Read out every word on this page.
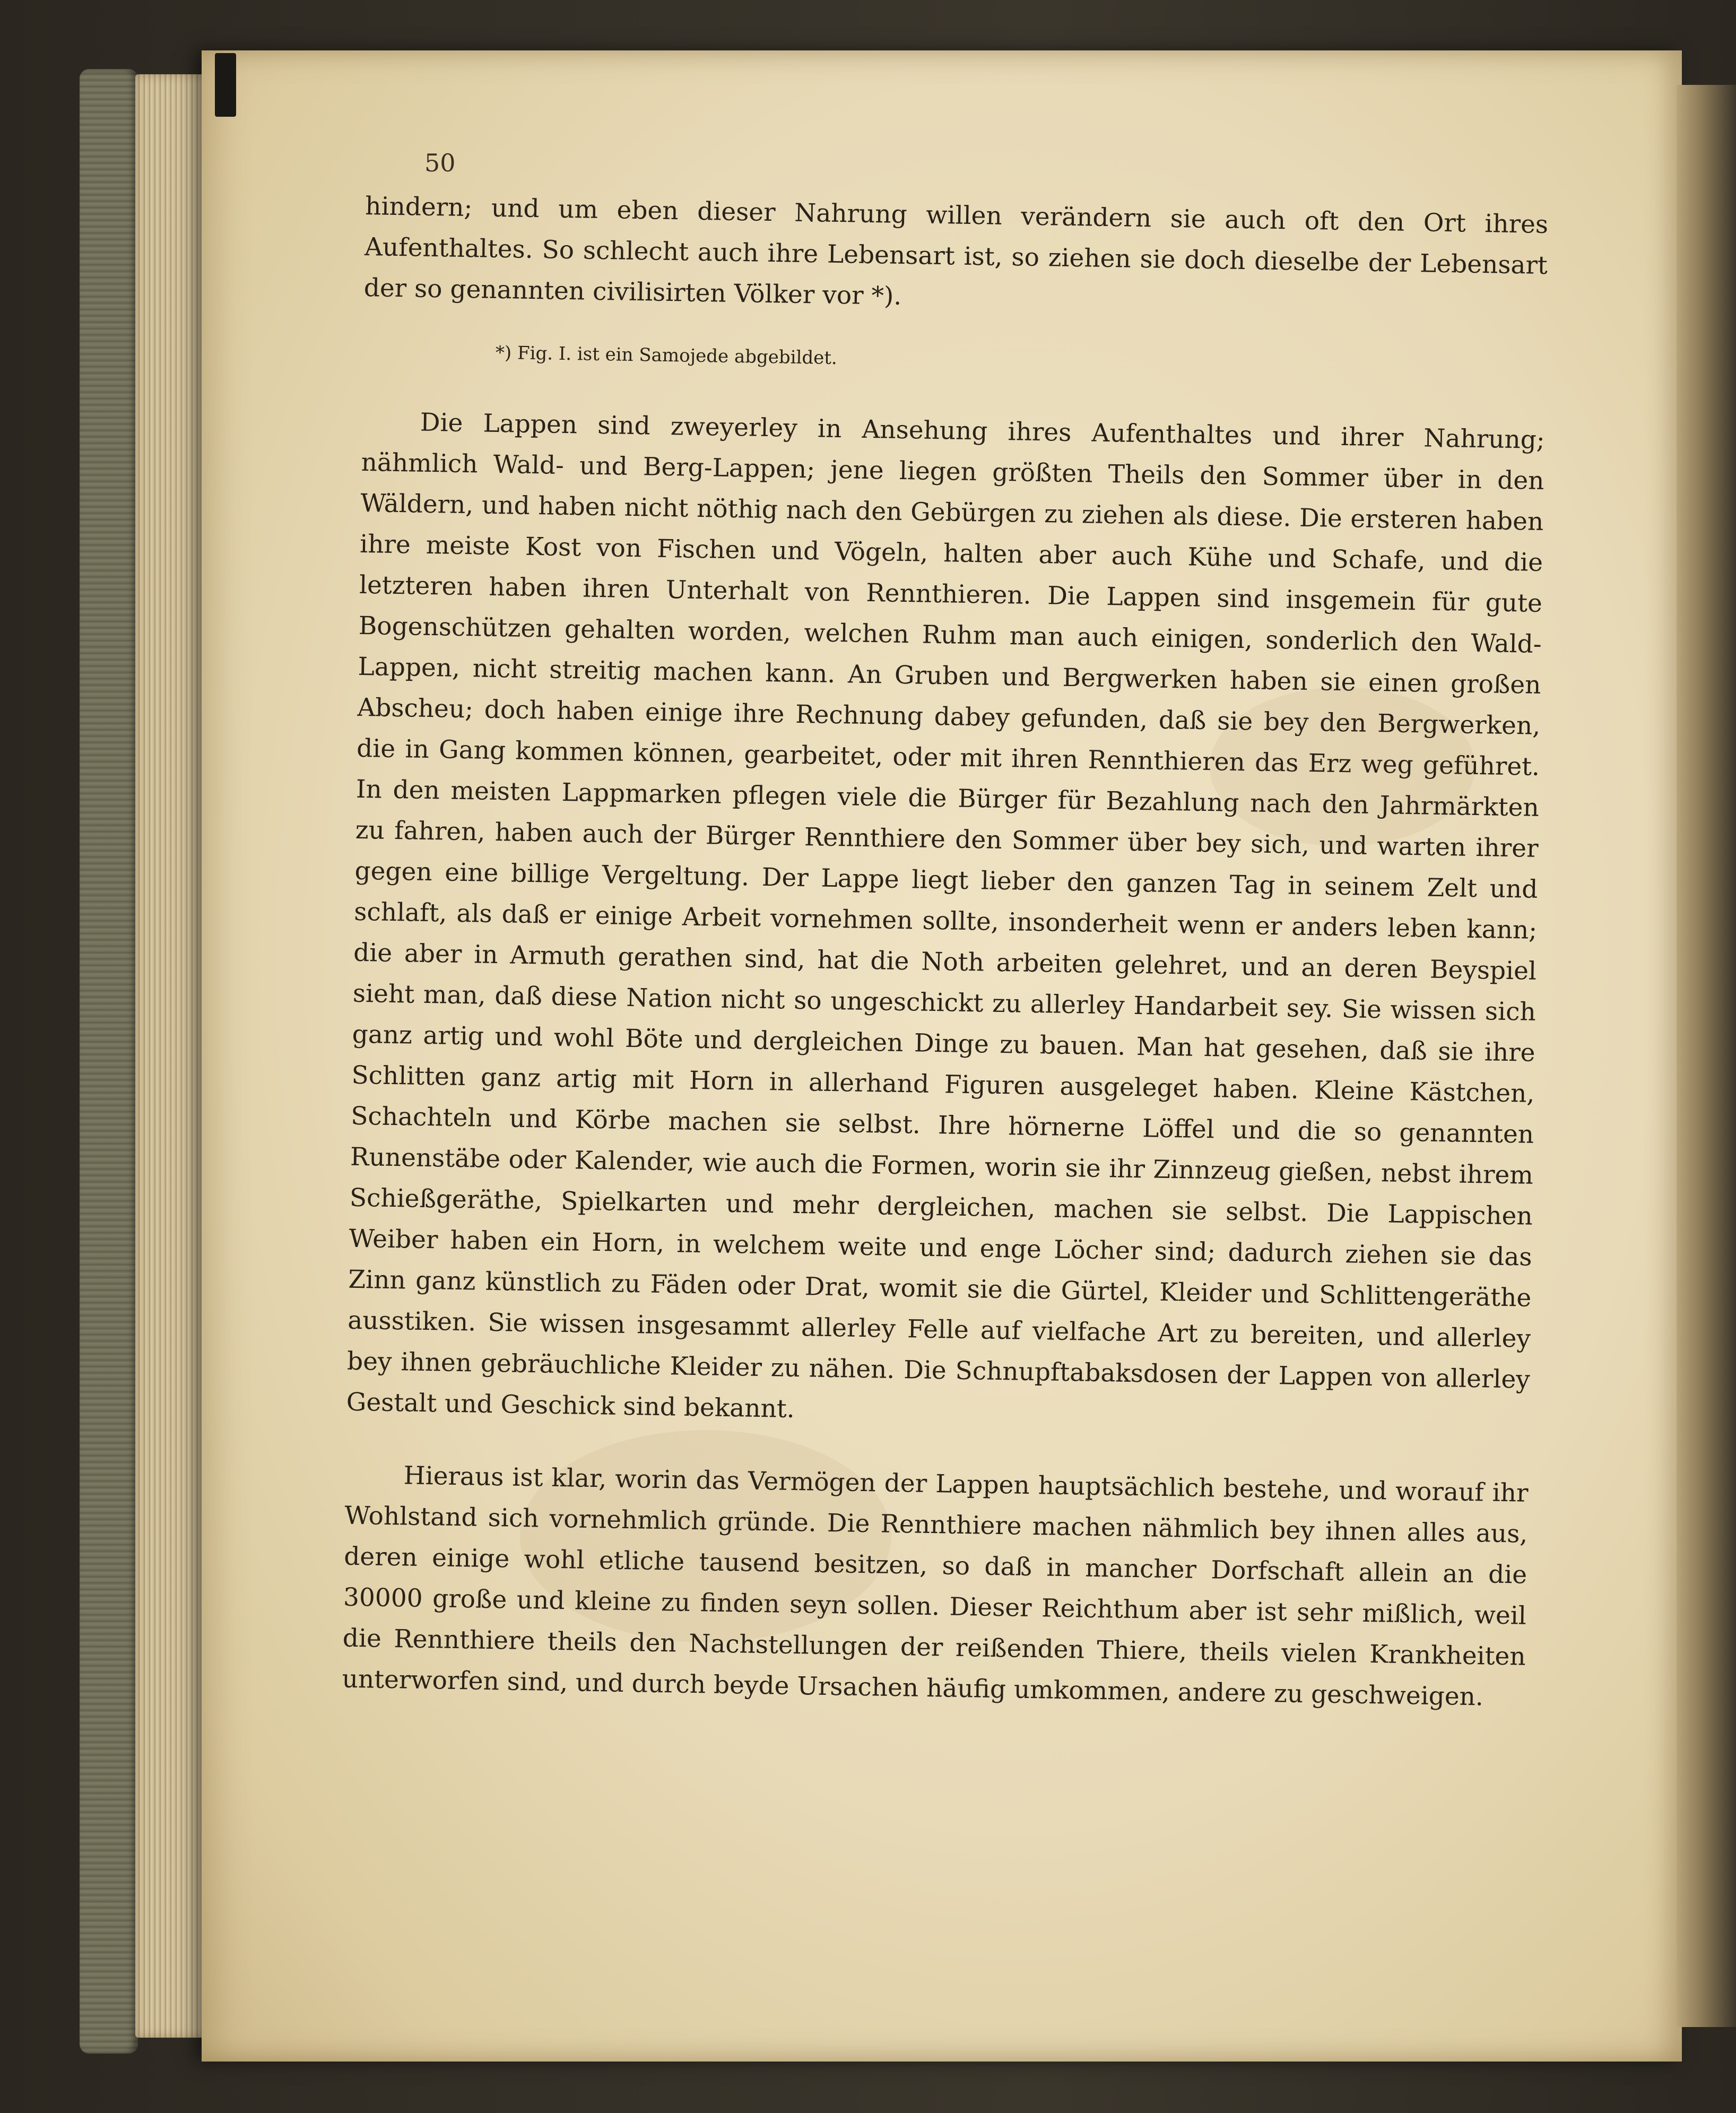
50

hindern; und um eben dieser Nahrung willen verändern sie auch oft den Ort ihres Aufenthaltes. So schlecht auch ihre Lebensart ist, so ziehen sie doch dieselbe der Lebensart der so genannten civilisirten Völker vor *).

*) Fig. I. ist ein Samojede abgebildet.

Die Lappen sind zweyerley in Ansehung ihres Aufenthaltes und ihrer Nahrung; nähmlich Wald- und Berg-Lappen; jene liegen größten Theils den Sommer über in den Wäldern, und haben nicht nöthig nach den Gebürgen zu ziehen als diese. Die ersteren haben ihre meiste Kost von Fischen und Vögeln, halten aber auch Kühe und Schafe, und die letzteren haben ihren Unterhalt von Rennthieren. Die Lappen sind insgemein für gute Bogenschützen gehalten worden, welchen Ruhm man auch einigen, sonderlich den Wald-Lappen, nicht streitig machen kann. An Gruben und Bergwerken haben sie einen großen Abscheu; doch haben einige ihre Rechnung dabey gefunden, daß sie bey den Bergwerken, die in Gang kommen können, gearbeitet, oder mit ihren Rennthieren das Erz weg geführet. In den meisten Lappmarken pflegen viele die Bürger für Bezahlung nach den Jahrmärkten zu fahren, haben auch der Bürger Rennthiere den Sommer über bey sich, und warten ihrer gegen eine billige Vergeltung. Der Lappe liegt lieber den ganzen Tag in seinem Zelt und schlaft, als daß er einige Arbeit vornehmen sollte, insonderheit wenn er anders leben kann; die aber in Armuth gerathen sind, hat die Noth arbeiten gelehret, und an deren Beyspiel sieht man, daß diese Nation nicht so ungeschickt zu allerley Handarbeit sey. Sie wissen sich ganz artig und wohl Böte und dergleichen Dinge zu bauen. Man hat gesehen, daß sie ihre Schlitten ganz artig mit Horn in allerhand Figuren ausgeleget haben. Kleine Kästchen, Schachteln und Körbe machen sie selbst. Ihre hörnerne Löffel und die so genannten Runenstäbe oder Kalender, wie auch die Formen, worin sie ihr Zinnzeug gießen, nebst ihrem Schießgeräthe, Spielkarten und mehr dergleichen, machen sie selbst. Die Lappischen Weiber haben ein Horn, in welchem weite und enge Löcher sind; dadurch ziehen sie das Zinn ganz künstlich zu Fäden oder Drat, womit sie die Gürtel, Kleider und Schlittengeräthe ausstiken. Sie wissen insgesammt allerley Felle auf vielfache Art zu bereiten, und allerley bey ihnen gebräuchliche Kleider zu nähen. Die Schnupftabaksdosen der Lappen von allerley Gestalt und Geschick sind bekannt.

Hieraus ist klar, worin das Vermögen der Lappen hauptsächlich bestehe, und worauf ihr Wohlstand sich vornehmlich gründe. Die Rennthiere machen nähmlich bey ihnen alles aus, deren einige wohl etliche tausend besitzen, so daß in mancher Dorfschaft allein an die 30000 große und kleine zu finden seyn sollen. Dieser Reichthum aber ist sehr mißlich, weil die Rennthiere theils den Nachstellungen der reißenden Thiere, theils vielen Krankheiten unterworfen sind, und durch beyde Ursachen häufig umkommen, andere zu geschweigen.
